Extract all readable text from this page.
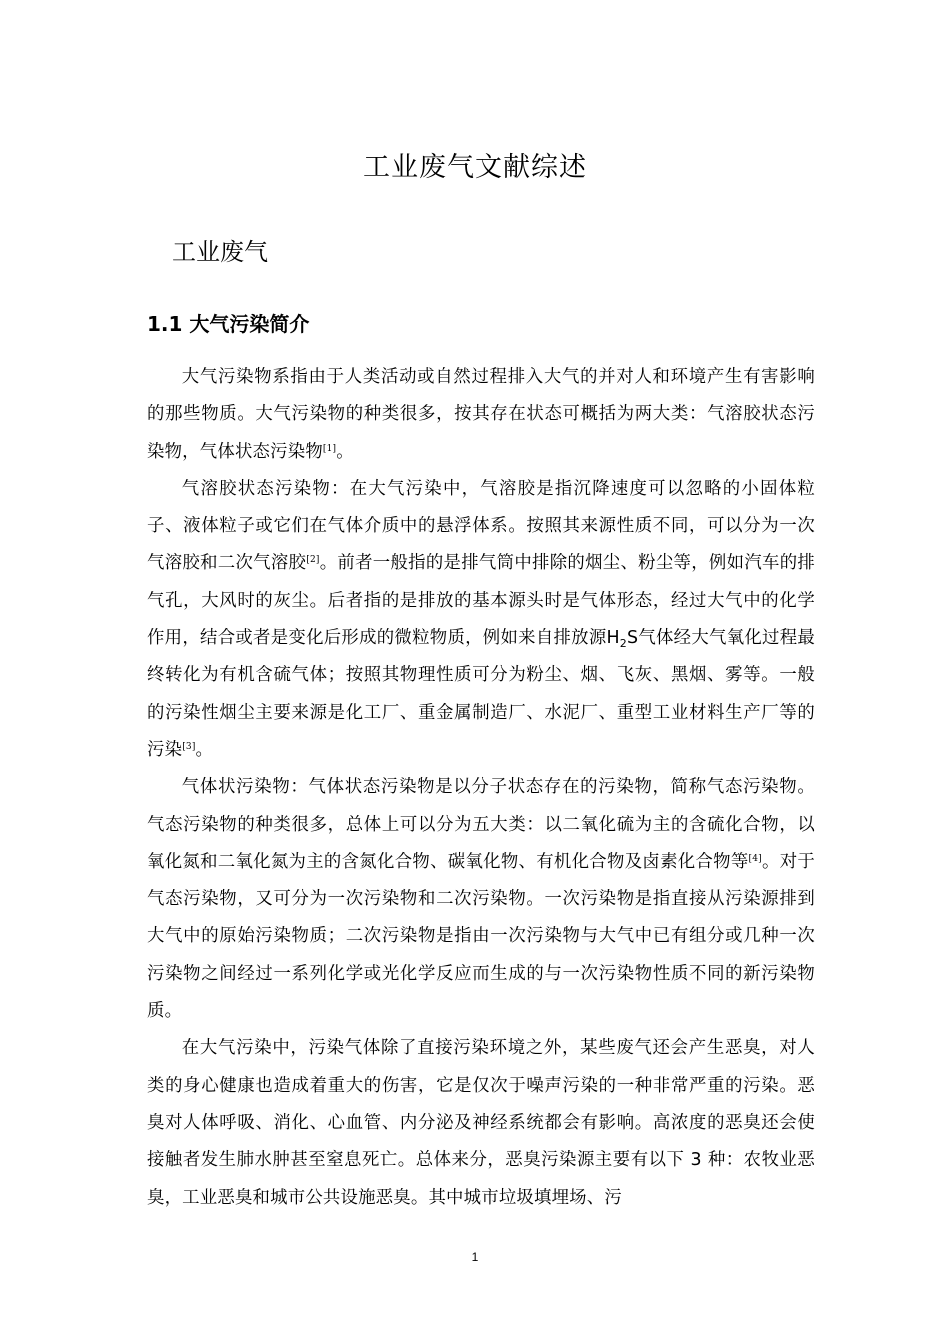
工业废气文献综述
工业废气
1.1 大气污染简介

大气污染物系指由于人类活动或自然过程排入大气的并对人和环境产生有害影响的那些物质。大气污染物的种类很多，按其存在状态可概括为两大类：气溶胶状态污染物，气体状态污染物[1]。

气溶胶状态污染物：在大气污染中，气溶胶是指沉降速度可以忽略的小固体粒子、液体粒子或它们在气体介质中的悬浮体系。按照其来源性质不同，可以分为一次气溶胶和二次气溶胶[2]。前者一般指的是排气筒中排除的烟尘、粉尘等，例如汽车的排气孔，大风时的灰尘。后者指的是排放的基本源头时是气体形态，经过大气中的化学作用，结合或者是变化后形成的微粒物质，例如来自排放源$H_2S$气体经大气氧化过程最终转化为有机含硫气体；按照其物理性质可分为粉尘、烟、飞灰、黑烟、雾等。一般的污染性烟尘主要来源是化工厂、重金属制造厂、水泥厂、重型工业材料生产厂等的污染[3]。

气体状污染物：气体状态污染物是以分子状态存在的污染物，简称气态污染物。气态污染物的种类很多，总体上可以分为五大类：以二氧化硫为主的含硫化合物，以氧化氮和二氧化氮为主的含氮化合物、碳氧化物、有机化合物及卤素化合物等[4]。对于气态污染物，又可分为一次污染物和二次污染物。一次污染物是指直接从污染源排到大气中的原始污染物质；二次污染物是指由一次污染物与大气中已有组分或几种一次污染物之间经过一系列化学或光化学反应而生成的与一次污染物性质不同的新污染物质。

在大气污染中，污染气体除了直接污染环境之外，某些废气还会产生恶臭，对人类的身心健康也造成着重大的伤害，它是仅次于噪声污染的一种非常严重的污染。恶臭对人体呼吸、消化、心血管、内分泌及神经系统都会有影响。高浓度的恶臭还会使接触者发生肺水肿甚至窒息死亡。总体来分，恶臭污染源主要有以下 3 种：农牧业恶臭，工业恶臭和城市公共设施恶臭。其中城市垃圾填埋场、污

1
